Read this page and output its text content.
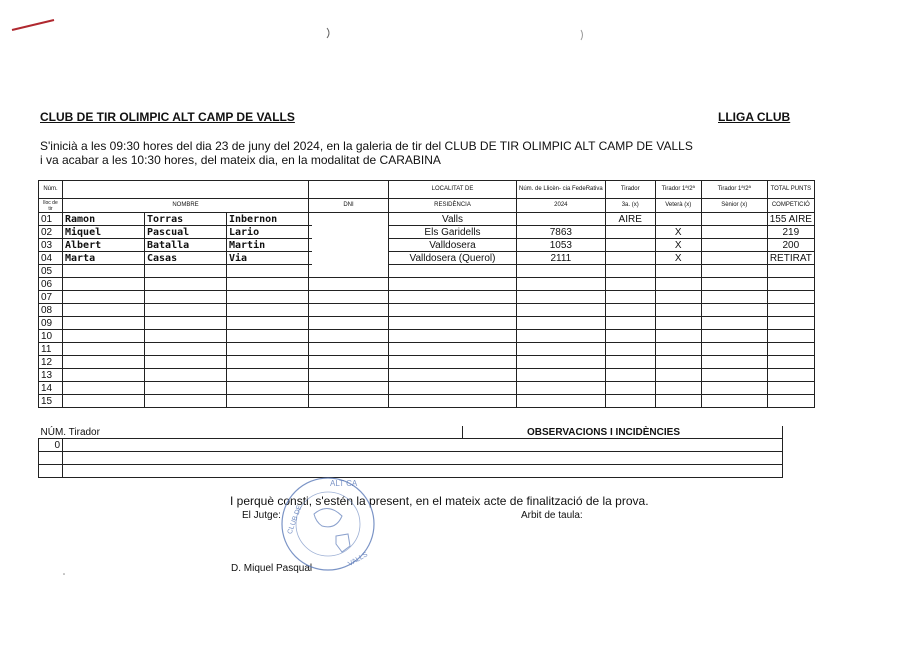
CLUB DE TIR OLIMPIC ALT CAMP DE VALLS	LLIGA CLUB
S'inicià a les 09:30 hores del dia 23 de juny del 2024, en la galeria de tir del CLUB DE TIR OLIMPIC ALT CAMP DE VALLS
i va acabar a les 10:30 hores, del mateix dia, en la modalitat de CARABINA
Núm.					LOCALITAT DE	Núm. de Llicèn- cia FedeRativa	Tirador	Tirador 1ª/2ª	Tirador 1ª/2ª	TOTAL PUNTS
lloc de tir	NOMBRE			DNI	RESIDÈNCIA	2024	3a. (x)	Veterà (x)	Sènior (x)	COMPETICIÓ
01	Ramon	Torras	Inbernon		Valls		AIRE			155 AIRE
02	Miquel	Pascual	Lario		Els Garidells	7863		X		219
03	Albert	Batalla	Martin		Valldosera	1053		X		200
04	Marta	Casas	Via		Valldosera (Querol)	2111		X		RETIRAT
05										
06										
07										
08										
09										
10										
11										
12										
13										
14										
15										
NÚM. Tirador		OBSERVACIONS I INCIDÈNCIES
0		

I perquè consti, s'estén la present, en el mateix acte de finalització de la prova.
El Jutge:	Arbit de taula:
D. Miquel Pasqual
ALT CA
CLUB DE
VALLS
